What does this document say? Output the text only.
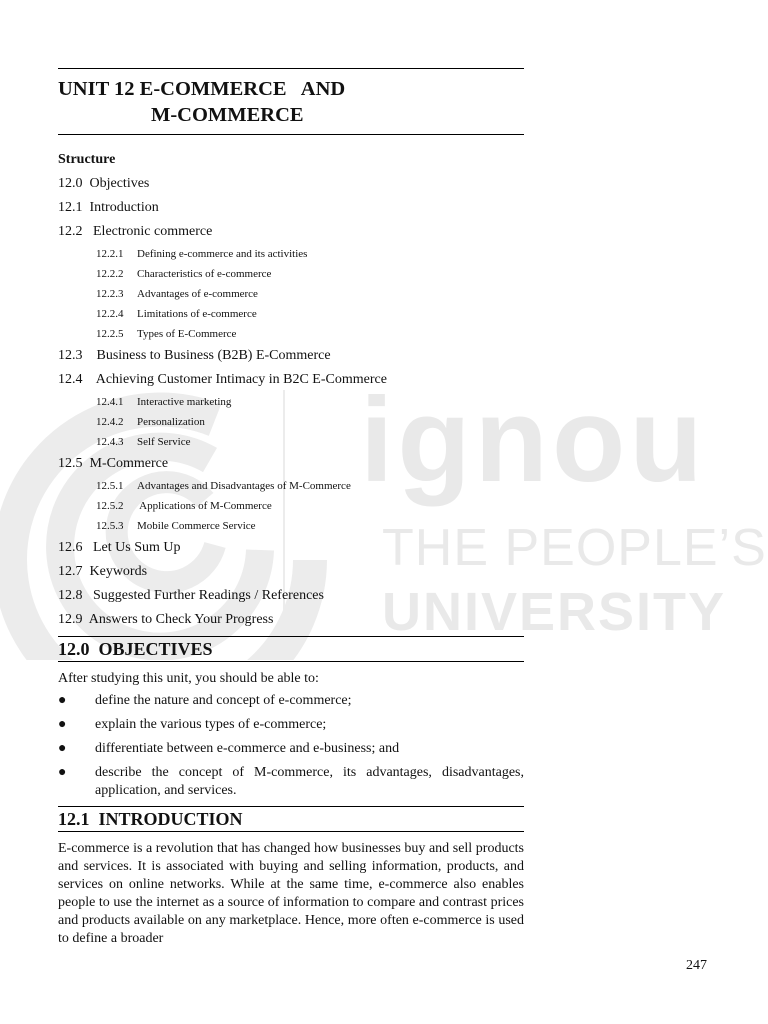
ignou
THE PEOPLE’S
UNIVERSITY
UNIT 12 E-COMMERCE   AND
M-COMMERCE
Structure
12.0  Objectives
12.1  Introduction
12.2   Electronic commerce
12.2.1 Defining e-commerce and its activities
12.2.2 Characteristics of e-commerce
12.2.3 Advantages of e-commerce
12.2.4 Limitations of e-commerce
12.2.5 Types of E-Commerce
12.3    Business to Business (B2B) E-Commerce
12.4    Achieving Customer Intimacy in B2C E-Commerce
12.4.1 Interactive marketing
12.4.2 Personalization
12.4.3 Self Service
12.5  M-Commerce
12.5.1 Advantages and Disadvantages of M-Commerce
12.5.2 Applications of M-Commerce
12.5.3 Mobile Commerce Service
12.6   Let Us Sum Up
12.7  Keywords
12.8   Suggested Further Readings / References
12.9  Answers to Check Your Progress
12.0  OBJECTIVES
After studying this unit, you should be able to:
● define the nature and concept of e-commerce;
● explain the various types of e-commerce;
● differentiate between e-commerce and e-business; and
● describe the concept of M-commerce, its advantages, disadvantages, application, and services.
12.1  INTRODUCTION
E-commerce is a revolution that has changed how businesses buy and sell products and services. It is associated with buying and selling information, products, and services on online networks. While at the same time, e-commerce also enables people to use the internet as a source of information to compare and contrast prices and products available on any marketplace. Hence, more often e-commerce is used to define a broader
247
